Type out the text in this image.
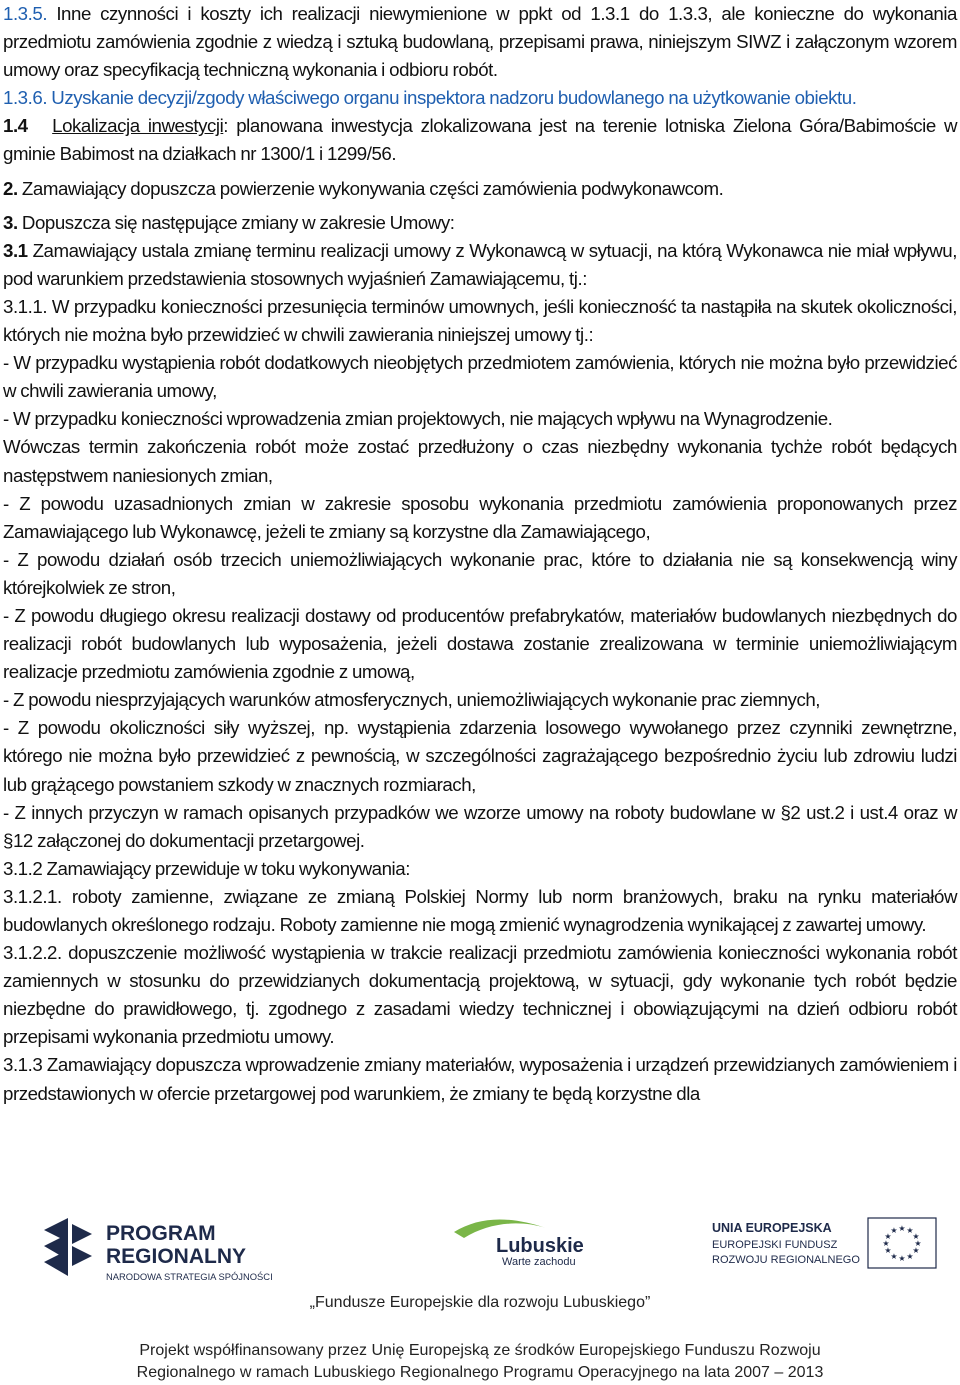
1.3.5. Inne czynności i koszty ich realizacji niewymienione w ppkt od 1.3.1 do 1.3.3, ale konieczne do wykonania przedmiotu zamówienia zgodnie z wiedzą i sztuką budowlaną, przepisami prawa, niniejszym SIWZ i załączonym wzorem umowy oraz specyfikacją techniczną wykonania i odbioru robót.

1.3.6. Uzyskanie decyzji/zgody właściwego organu inspektora nadzoru budowlanego na użytkowanie obiektu.

1.4 Lokalizacja inwestycji: planowana inwestycja zlokalizowana jest na terenie lotniska Zielona Góra/Babimoście w gminie Babimost na działkach nr 1300/1 i 1299/56.

2. Zamawiający dopuszcza powierzenie wykonywania części zamówienia podwykonawcom.

3. Dopuszcza się następujące zmiany w zakresie Umowy:

3.1 Zamawiający ustala zmianę terminu realizacji umowy z Wykonawcą w sytuacji, na którą Wykonawca nie miał wpływu, pod warunkiem przedstawienia stosownych wyjaśnień Zamawiającemu, tj.:

3.1.1. W przypadku konieczności przesunięcia terminów umownych, jeśli konieczność ta nastąpiła na skutek okoliczności, których nie można było przewidzieć w chwili zawierania niniejszej umowy tj.:

- W przypadku wystąpienia robót dodatkowych nieobjętych przedmiotem zamówienia, których nie można było przewidzieć w chwili zawierania umowy,

- W przypadku konieczności wprowadzenia zmian projektowych, nie mających wpływu na Wynagrodzenie.

Wówczas termin zakończenia robót może zostać przedłużony o czas niezbędny wykonania tychże robót będących następstwem naniesionych zmian,

- Z powodu uzasadnionych zmian w zakresie sposobu wykonania przedmiotu zamówienia proponowanych przez Zamawiającego lub Wykonawcę, jeżeli te zmiany są korzystne dla Zamawiającego,

- Z powodu działań osób trzecich uniemożliwiających wykonanie prac, które to działania nie są konsekwencją winy którejkolwiek ze stron,

- Z powodu długiego okresu realizacji dostawy od producentów prefabrykatów, materiałów budowlanych niezbędnych do realizacji robót budowlanych lub wyposażenia, jeżeli dostawa zostanie zrealizowana w terminie uniemożliwiającym realizacje przedmiotu zamówienia zgodnie z umową,

- Z powodu niesprzyjających warunków atmosferycznych, uniemożliwiających wykonanie prac ziemnych,

- Z powodu okoliczności siły wyższej, np. wystąpienia zdarzenia losowego wywołanego przez czynniki zewnętrzne, którego nie można było przewidzieć z pewnością, w szczególności zagrażającego bezpośrednio życiu lub zdrowiu ludzi lub grążącego powstaniem szkody w znacznych rozmiarach,

- Z innych przyczyn w ramach opisanych przypadków we wzorze umowy na roboty budowlane w §2 ust.2 i ust.4 oraz w §12 załączonej do dokumentacji przetargowej.

3.1.2 Zamawiający przewiduje w toku wykonywania:

3.1.2.1. roboty zamienne, związane ze zmianą Polskiej Normy lub norm branżowych, braku na rynku materiałów budowlanych określonego rodzaju. Roboty zamienne nie mogą zmienić wynagrodzenia wynikającej z zawartej umowy.

3.1.2.2. dopuszczenie możliwość wystąpienia w trakcie realizacji przedmiotu zamówienia konieczności wykonania robót zamiennych w stosunku do przewidzianych dokumentacją projektową, w sytuacji, gdy wykonanie tych robót będzie niezbędne do prawidłowego, tj. zgodnego z zasadami wiedzy technicznej i obowiązującymi na dzień odbioru robót przepisami wykonania przedmiotu umowy.

3.1.3 Zamawiający dopuszcza wprowadzenie zmiany materiałów, wyposażenia i urządzeń przewidzianych zamówieniem i przedstawionych w ofercie przetargowej pod warunkiem, że zmiany te będą korzystne dla

PROGRAM
REGIONALNY
NARODOWA STRATEGIA SPÓJNOŚCI
Lubuskie
Warte zachodu
UNIA EUROPEJSKA
EUROPEJSKI FUNDUSZ
ROZWOJU REGIONALNEGO
★ ★
★
★
★
★
★
★
★
★
★
★
„Fundusze Europejskie dla rozwoju Lubuskiego”

Projekt współfinansowany przez Unię Europejską ze środków Europejskiego Funduszu Rozwoju

Regionalnego w ramach Lubuskiego Regionalnego Programu Operacyjnego na lata 2007 – 2013
